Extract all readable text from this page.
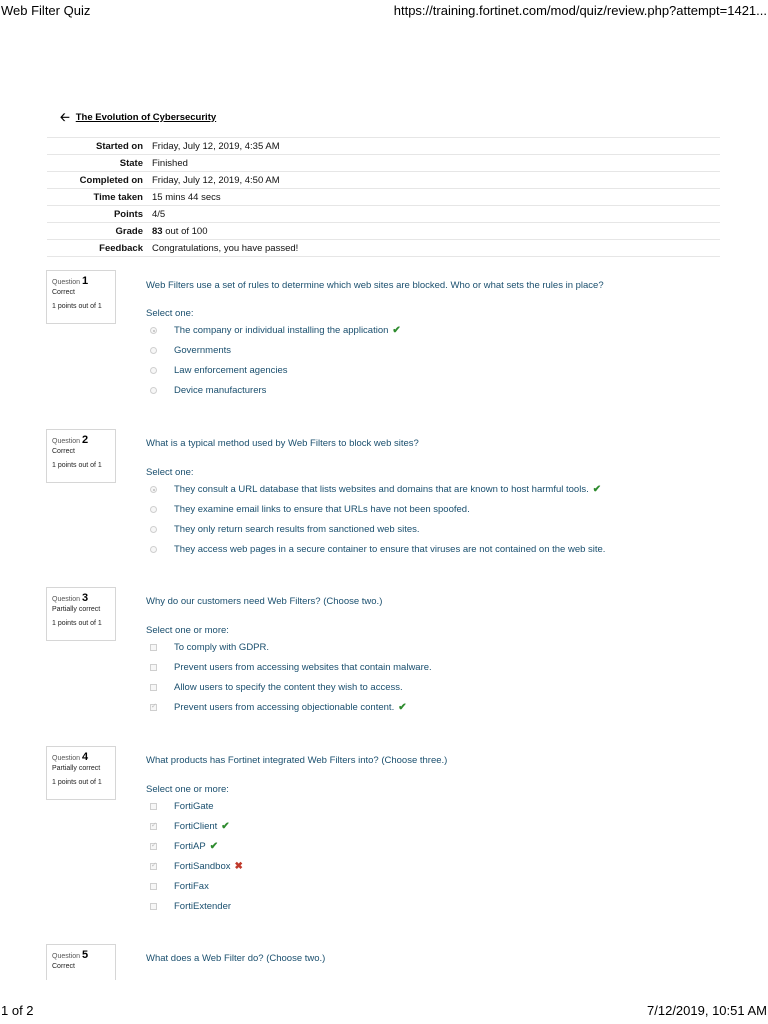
Web Filter Quiz	https://training.fortinet.com/mod/quiz/review.php?attempt=1421...
1 of 2	7/12/2019, 10:51 AM
🡠 The Evolution of Cybersecurity
Started on Friday, July 12, 2019, 4:35 AM
State Finished
Completed on Friday, July 12, 2019, 4:50 AM
Time taken 15 mins 44 secs
Points 4/5
Grade 83 out of 100
Feedback Congratulations, you have passed!
Question 1
Correct
1 points out of 1
Web Filters use a set of rules to determine which web sites are blocked. Who or what sets the rules in place?
Select one:
The company or individual installing the application ✔
Governments
Law enforcement agencies
Device manufacturers
Question 2
Correct
1 points out of 1
What is a typical method used by Web Filters to block web sites?
Select one:
They consult a URL database that lists websites and domains that are known to host harmful tools. ✔
They examine email links to ensure that URLs have not been spoofed.
They only return search results from sanctioned web sites.
They access web pages in a secure container to ensure that viruses are not contained on the web site.
Question 3
Partially correct
1 points out of 1
Why do our customers need Web Filters? (Choose two.)
Select one or more:
To comply with GDPR.
Prevent users from accessing websites that contain malware.
Allow users to specify the content they wish to access.
✓
Prevent users from accessing objectionable content. ✔
Question 4
Partially correct
1 points out of 1
What products has Fortinet integrated Web Filters into? (Choose three.)
Select one or more:
FortiGate
✓
FortiClient ✔
✓
FortiAP ✔
✓
FortiSandbox ✖
FortiFax
FortiExtender
Question 5
Correct
What does a Web Filter do? (Choose two.)
